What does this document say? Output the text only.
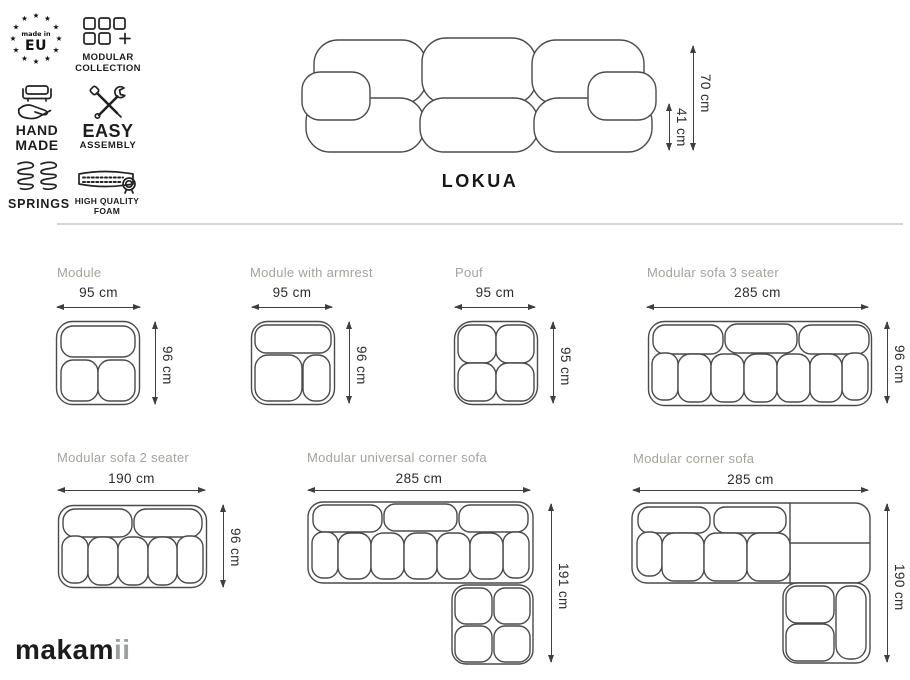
★ ★
★
★
★
★
★
★
★
★
★
★
made in
EU
MODULAR
COLLECTION
HAND
MADE
EASY
ASSEMBLY
SPRINGS HIGH QUALITY
FOAM
41 cm
70 cm
LOKUA
Module
95 cm
96 cm
Module with armrest
95 cm
96 cm
Pouf
95 cm
95 cm
Modular sofa 3 seater
285 cm
96 cm
Modular sofa 2 seater
190 cm
96 cm
Modular universal corner sofa
285 cm
191 cm
Modular corner sofa
285 cm
190 cm
makamii
